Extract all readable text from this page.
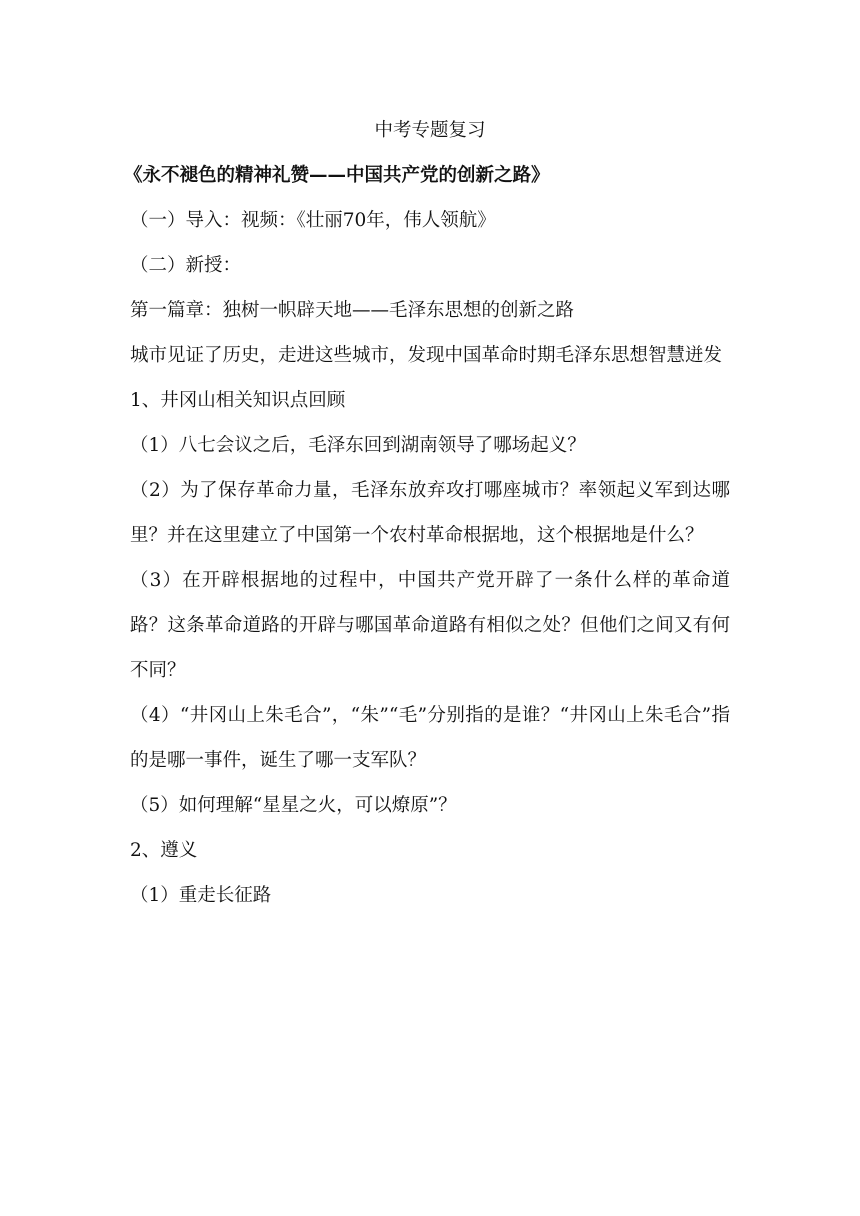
中考专题复习

《永不褪色的精神礼赞——中国共产党的创新之路》

（一）导入：视频：《壮丽70年，伟人领航》

（二）新授：

第一篇章：独树一帜辟天地——毛泽东思想的创新之路

城市见证了历史，走进这些城市，发现中国革命时期毛泽东思想智慧迸发

1、井冈山相关知识点回顾

（1）八七会议之后，毛泽东回到湖南领导了哪场起义？

（2）为了保存革命力量，毛泽东放弃攻打哪座城市？率领起义军到达哪里？并在这里建立了中国第一个农村革命根据地，这个根据地是什么？

（3）在开辟根据地的过程中，中国共产党开辟了一条什么样的革命道路？这条革命道路的开辟与哪国革命道路有相似之处？但他们之间又有何不同？

（4）“井冈山上朱毛合”，“朱”“毛”分别指的是谁？“井冈山上朱毛合”指的是哪一事件，诞生了哪一支军队？

（5）如何理解“星星之火，可以燎原”？

2、遵义

（1）重走长征路
